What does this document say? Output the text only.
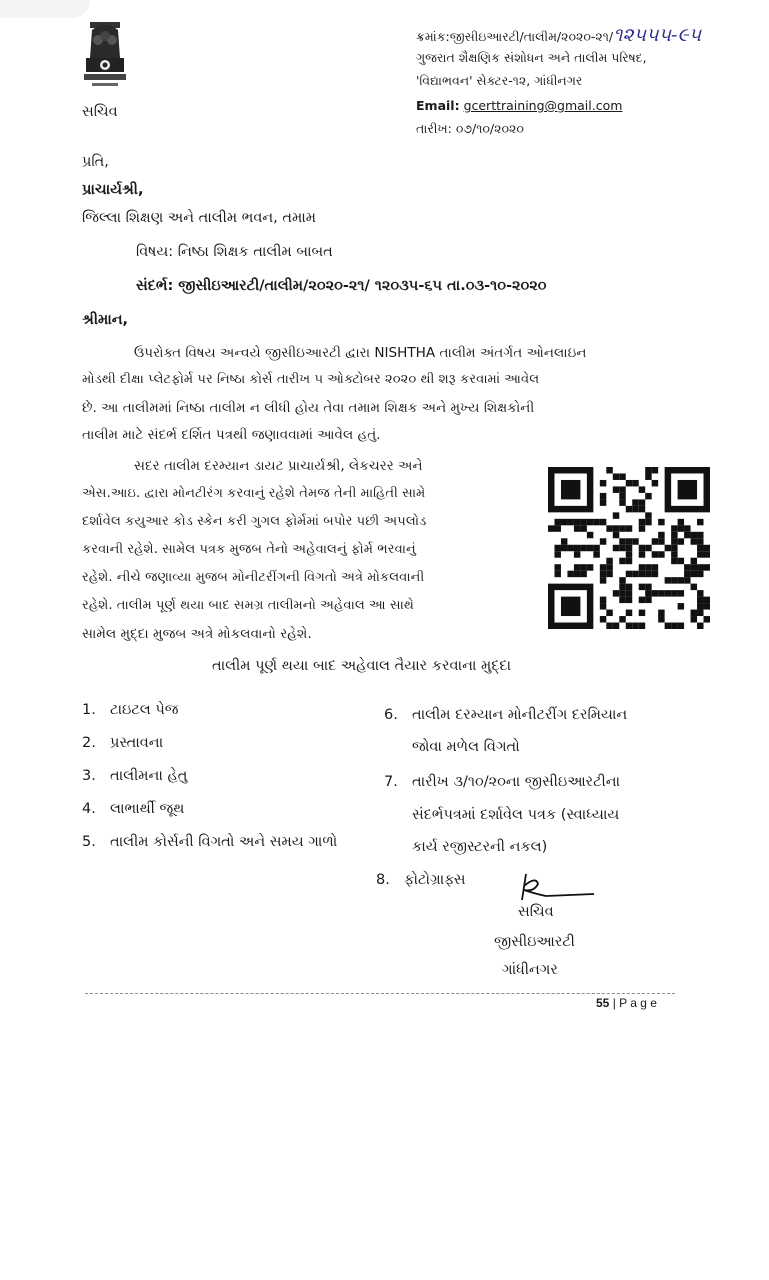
સચિવ
ક્રમાંક:જીસીઇઆરટી/તાલીમ/૨૦૨૦-૨૧/૧૨૫૫૫-૯૫
ગુજરાત શૈક્ષણિક સંશોધન અને તાલીમ પરિષદ,
'વિદ્યાભવન' સેક્ટર-૧૨, ગાંધીનગર
Email: gcerttraining@gmail.com
તારીખ: ૦૭/૧૦/૨૦૨૦
પ્રતિ,
પ્રાચાર્યશ્રી,
જિલ્લા શિક્ષણ અને તાલીમ ભવન, તમામ
વિષય: નિષ્ઠા શિક્ષક તાલીમ બાબત
સંદર્ભ: જીસીઇઆરટી/તાલીમ/૨૦૨૦-૨૧/ ૧૨૦૩૫-૬૫ તા.૦૩-૧૦-૨૦૨૦
શ્રીમાન,
ઉપરોક્ત વિષય અન્વયે જીસીઇઆરટી દ્વારા NISHTHA તાલીમ અંતર્ગત ઓનલાઇન
મોડથી દીક્ષા પ્લેટફોર્મ પર નિષ્ઠા કોર્સ તારીખ ૫ ઓક્ટોબર ૨૦૨૦ થી શરૂ કરવામાં આવેલ
છે. આ તાલીમમાં નિષ્ઠા તાલીમ ન લીધી હોય તેવા તમામ શિક્ષક અને મુખ્ય શિક્ષકોની
તાલીમ માટે સંદર્ભ દર્શિત પત્રથી જણાવવામાં આવેલ હતું.
સદર તાલીમ દરમ્યાન ડાયટ પ્રાચાર્યશ્રી, લેકચરર અને
એસ.આઇ. દ્વારા મોનટીરંગ કરવાનું રહેશે તેમજ તેની માહિતી સામે
દર્શાવેલ કયુઆર કોડ સ્કેન કરી ગુગલ ફોર્મમાં બપોર પછી અપલોડ
કરવાની રહેશે. સામેલ પત્રક મુજબ તેનો અહેવાલનું ફોર્મ ભરવાનું
રહેશે. નીચે જણાવ્યા મુજબ મોનીટરીંગની વિગતો અત્રે મોકલવાની
રહેશે. તાલીમ પૂર્ણ થયા બાદ સમગ્ર તાલીમનો અહેવાલ આ સાથે
સામેલ મુદ્દા મુજબ અત્રે મોકલવાનો રહેશે.
તાલીમ પૂર્ણ થયા બાદ અહેવાલ તૈયાર કરવાના મુદ્દા
1. ટાઇટલ પેજ
2. પ્રસ્તાવના
3. તાલીમના હેતુ
4. લાભાર્થી જૂથ
5. તાલીમ કોર્સની વિગતો અને સમય ગાળો
6. તાલીમ દરમ્યાન મોનીટરીંગ દરમિયાન
જોવા મળેલ વિગતો
7. તારીખ ૩/૧૦/૨૦ના જીસીઇઆરટીના
સંદર્ભપત્રમાં દર્શાવેલ પત્રક (સ્વાધ્યાય
કાર્ય રજીસ્ટરની નકલ)
8. ફોટોગ્રાફ્સ
સચિવ
જીસીઇઆરટી
ગાંધીનગર
55 | P a g e
